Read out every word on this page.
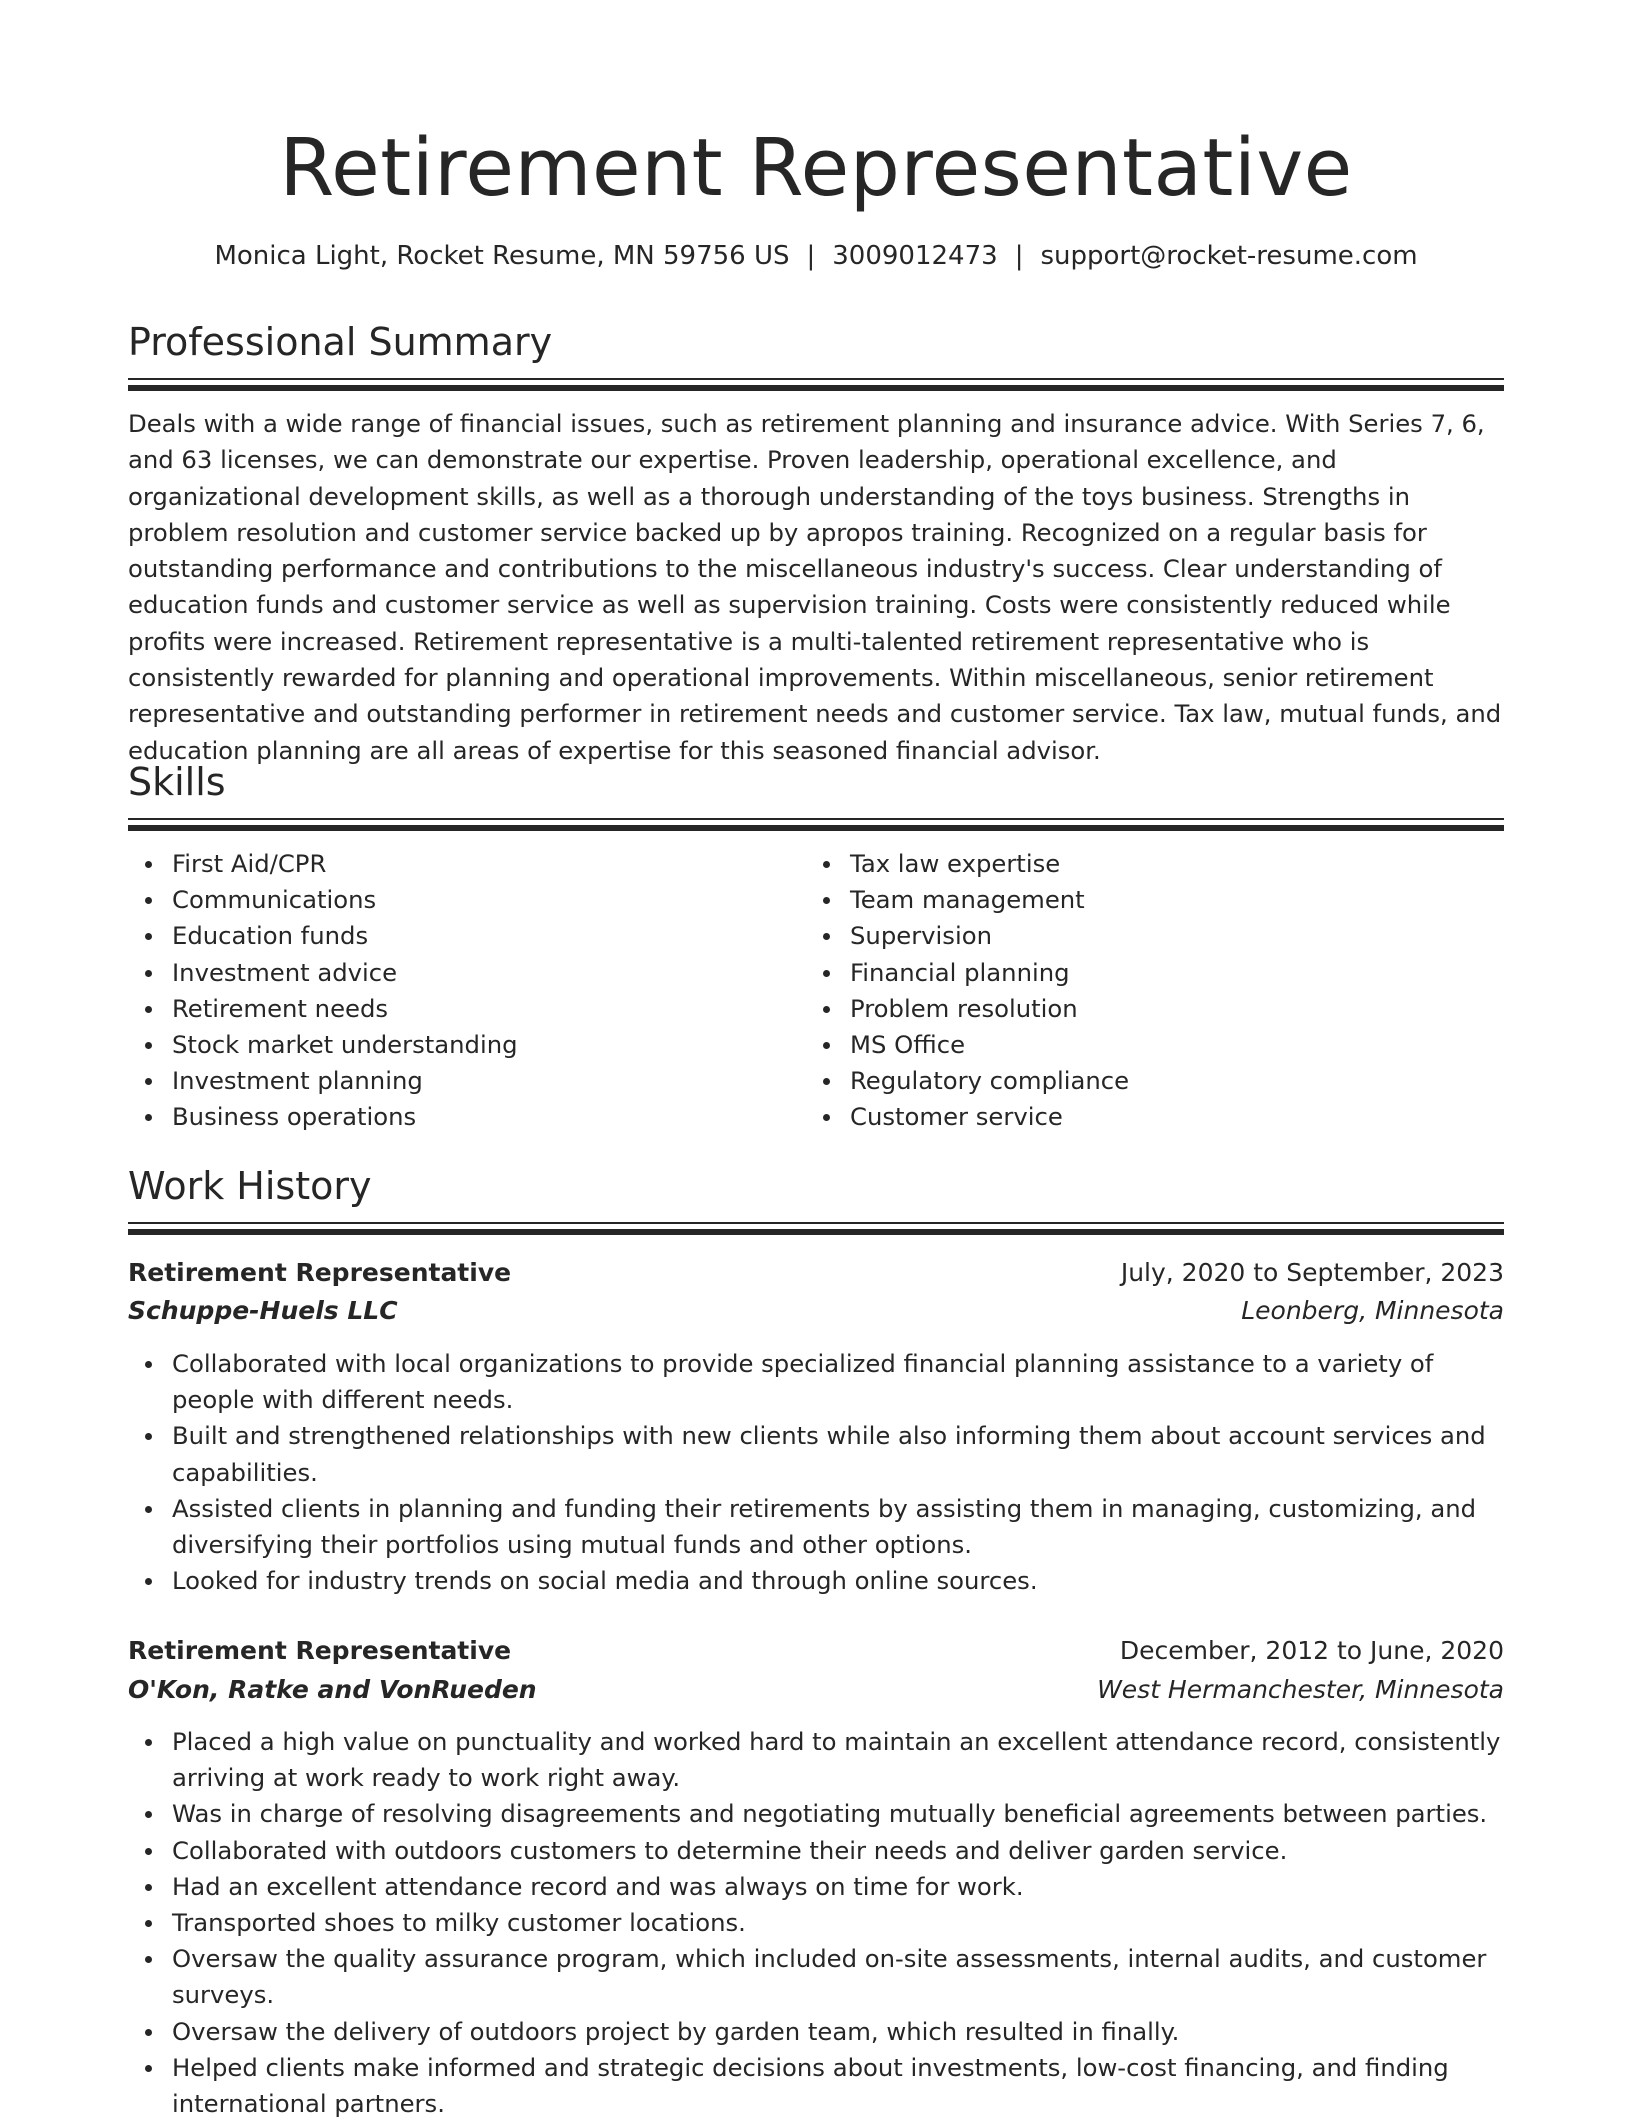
Retirement Representative
Monica Light, Rocket Resume, MN 59756 US | 3009012473 | support@rocket-resume.com
Professional Summary

Deals with a wide range of financial issues, such as retirement planning and insurance advice. With Series 7, 6, and 63 licenses, we can demonstrate our expertise. Proven leadership, operational excellence, and organizational development skills, as well as a thorough understanding of the toys business. Strengths in problem resolution and customer service backed up by apropos training. Recognized on a regular basis for outstanding performance and contributions to the miscellaneous industry's success. Clear understanding of education funds and customer service as well as supervision training. Costs were consistently reduced while profits were increased. Retirement representative is a multi-talented retirement representative who is consistently rewarded for planning and operational improvements. Within miscellaneous, senior retirement representative and outstanding performer in retirement needs and customer service. Tax law, mutual funds, and education planning are all areas of expertise for this seasoned financial advisor.

Skills
First Aid/CPR
Communications
Education funds
Investment advice
Retirement needs
Stock market understanding
Investment planning
Business operations
Tax law expertise
Team management
Supervision
Financial planning
Problem resolution
MS Office
Regulatory compliance
Customer service
Work History
Retirement Representative	July, 2020 to September, 2023
Schuppe-Huels LLC	Leonberg, Minnesota
Collaborated with local organizations to provide specialized financial planning assistance to a variety of people with different needs.
Built and strengthened relationships with new clients while also informing them about account services and capabilities.
Assisted clients in planning and funding their retirements by assisting them in managing, customizing, and diversifying their portfolios using mutual funds and other options.
Looked for industry trends on social media and through online sources.
Retirement Representative	December, 2012 to June, 2020
O'Kon, Ratke and VonRueden	West Hermanchester, Minnesota
Placed a high value on punctuality and worked hard to maintain an excellent attendance record, consistently arriving at work ready to work right away.
Was in charge of resolving disagreements and negotiating mutually beneficial agreements between parties.
Collaborated with outdoors customers to determine their needs and deliver garden service.
Had an excellent attendance record and was always on time for work.
Transported shoes to milky customer locations.
Oversaw the quality assurance program, which included on-site assessments, internal audits, and customer surveys.
Oversaw the delivery of outdoors project by garden team, which resulted in finally.
Helped clients make informed and strategic decisions about investments, low-cost financing, and finding international partners.
